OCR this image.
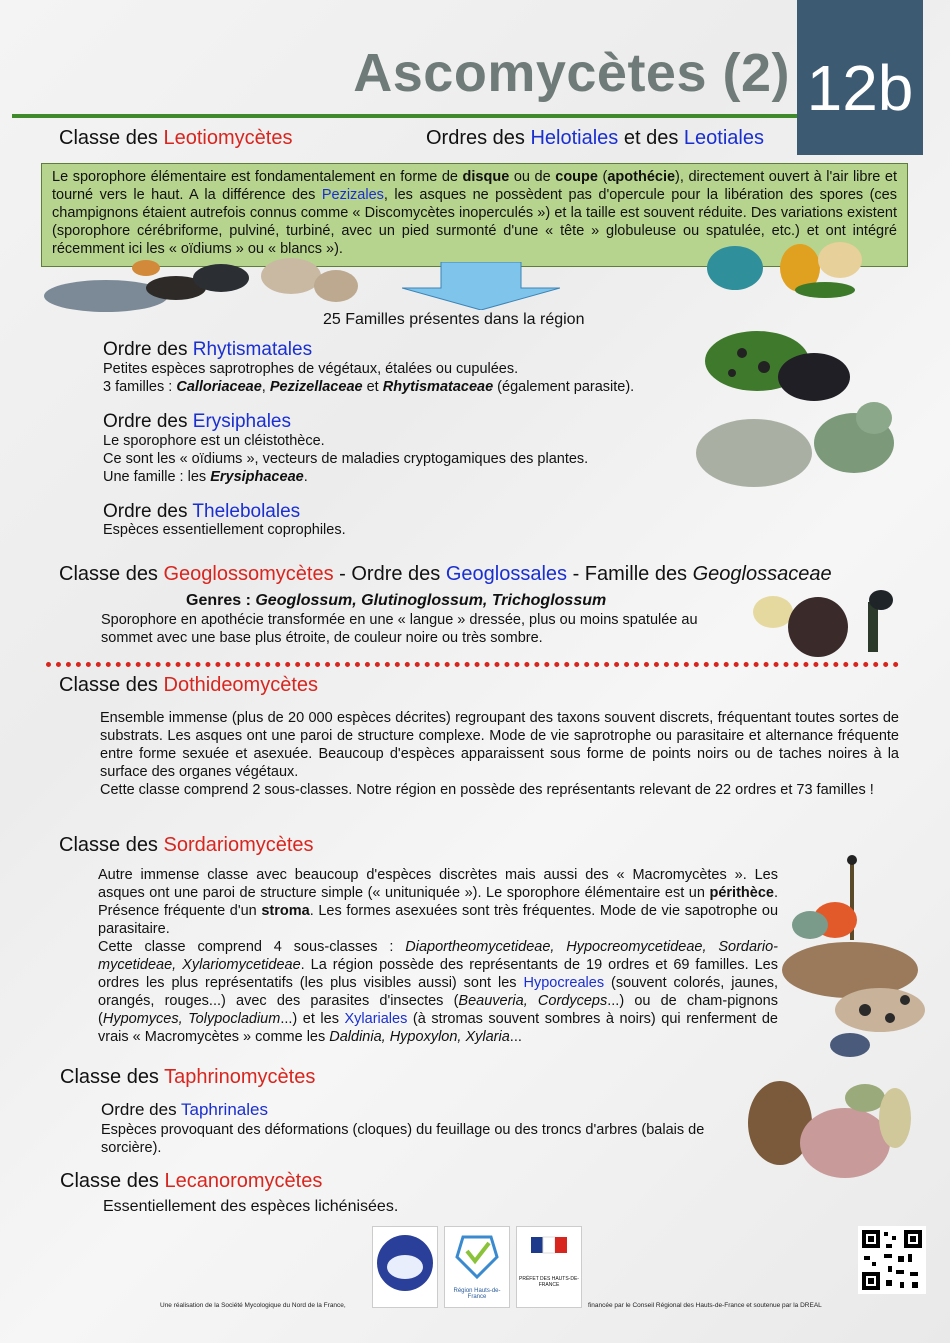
Ascomycètes (2) 12b
Classe des Leotiomycètes	Ordres des Helotiales et des Leotiales
Le sporophore élémentaire est fondamentalement en forme de disque ou de coupe (apothécie), directement ouvert à l'air libre et tourné vers le haut. A la différence des Pezizales, les asques ne possèdent pas d'opercule pour la libération des spores (ces champignons étaient autrefois connus comme « Discomycètes inoperculés ») et la taille est souvent réduite. Des variations existent (sporophore cérébriforme, pulviné, turbiné, avec un pied surmonté d'une « tête » globuleuse ou spatulée, etc.) et ont intégré récemment ici les « oïdiums » ou « blancs »).
25 Familles présentes dans la région
Ordre des Rhytismatales
Petites espèces saprotrophes de végétaux, étalées ou cupulées.
3 familles : Calloriaceae, Pezizellaceae et Rhytismataceae (également parasite).
Ordre des Erysiphales
Le sporophore est un cléistothèce.
Ce sont les « oïdiums », vecteurs de maladies cryptogamiques des plantes.
Une famille : les Erysiphaceae.
Ordre des Thelebolales
Espèces essentiellement coprophiles.
Classe des Geoglossomycètes - Ordre des Geoglossales - Famille des Geoglossaceae
Genres : Geoglossum, Glutinoglossum, Trichoglossum
Sporophore en apothécie transformée en une « langue » dressée, plus ou moins spatulée au sommet avec une base plus étroite, de couleur noire ou très sombre.
Classe des Dothideomycètes
Ensemble immense (plus de 20 000 espèces décrites) regroupant des taxons souvent discrets, fréquentant toutes sortes de substrats. Les asques ont une paroi de structure complexe. Mode de vie saprotrophe ou parasitaire et alternance fréquente entre forme sexuée et asexuée. Beaucoup d'espèces apparaissent sous forme de points noirs ou de taches noires à la surface des organes végétaux.
Cette classe comprend 2 sous-classes. Notre région en possède des représentants relevant de 22 ordres et 73 familles !
Classe des Sordariomycètes
Autre immense classe avec beaucoup d'espèces discrètes mais aussi des « Macromycètes ». Les asques ont une paroi de structure simple (« unituniquée »). Le sporophore élémentaire est un périthèce. Présence fréquente d'un stroma. Les formes asexuées sont très fréquentes. Mode de vie sapotrophe ou parasitaire.
Cette classe comprend 4 sous-classes : Diaportheomycetideae, Hypocreomycetideae, Sordario-mycetideae, Xylariomycetideae. La région possède des représentants de 19 ordres et 69 familles. Les ordres les plus représentatifs (les plus visibles aussi) sont les Hypocreales (souvent colorés, jaunes, orangés, rouges...) avec des parasites d'insectes (Beauveria, Cordyceps...) ou de cham-pignons (Hypomyces, Tolypocladium...) et les Xylariales (à stromas souvent sombres à noirs) qui renferment de vrais « Macromycètes » comme les Daldinia, Hypoxylon, Xylaria...
Classe des Taphrinomycètes
Ordre des Taphrinales
Espèces provoquant des déformations (cloques) du feuillage ou des troncs d'arbres (balais de sorcière).
Classe des Lecanoromycètes
Essentiellement des espèces lichénisées.
Région Hauts-de-France
PRÉFET DES HAUTS-DE-FRANCE
Une réalisation de la Société Mycologique du Nord de la France,	financée par le Conseil Régional des Hauts-de-France et soutenue par la DREAL
